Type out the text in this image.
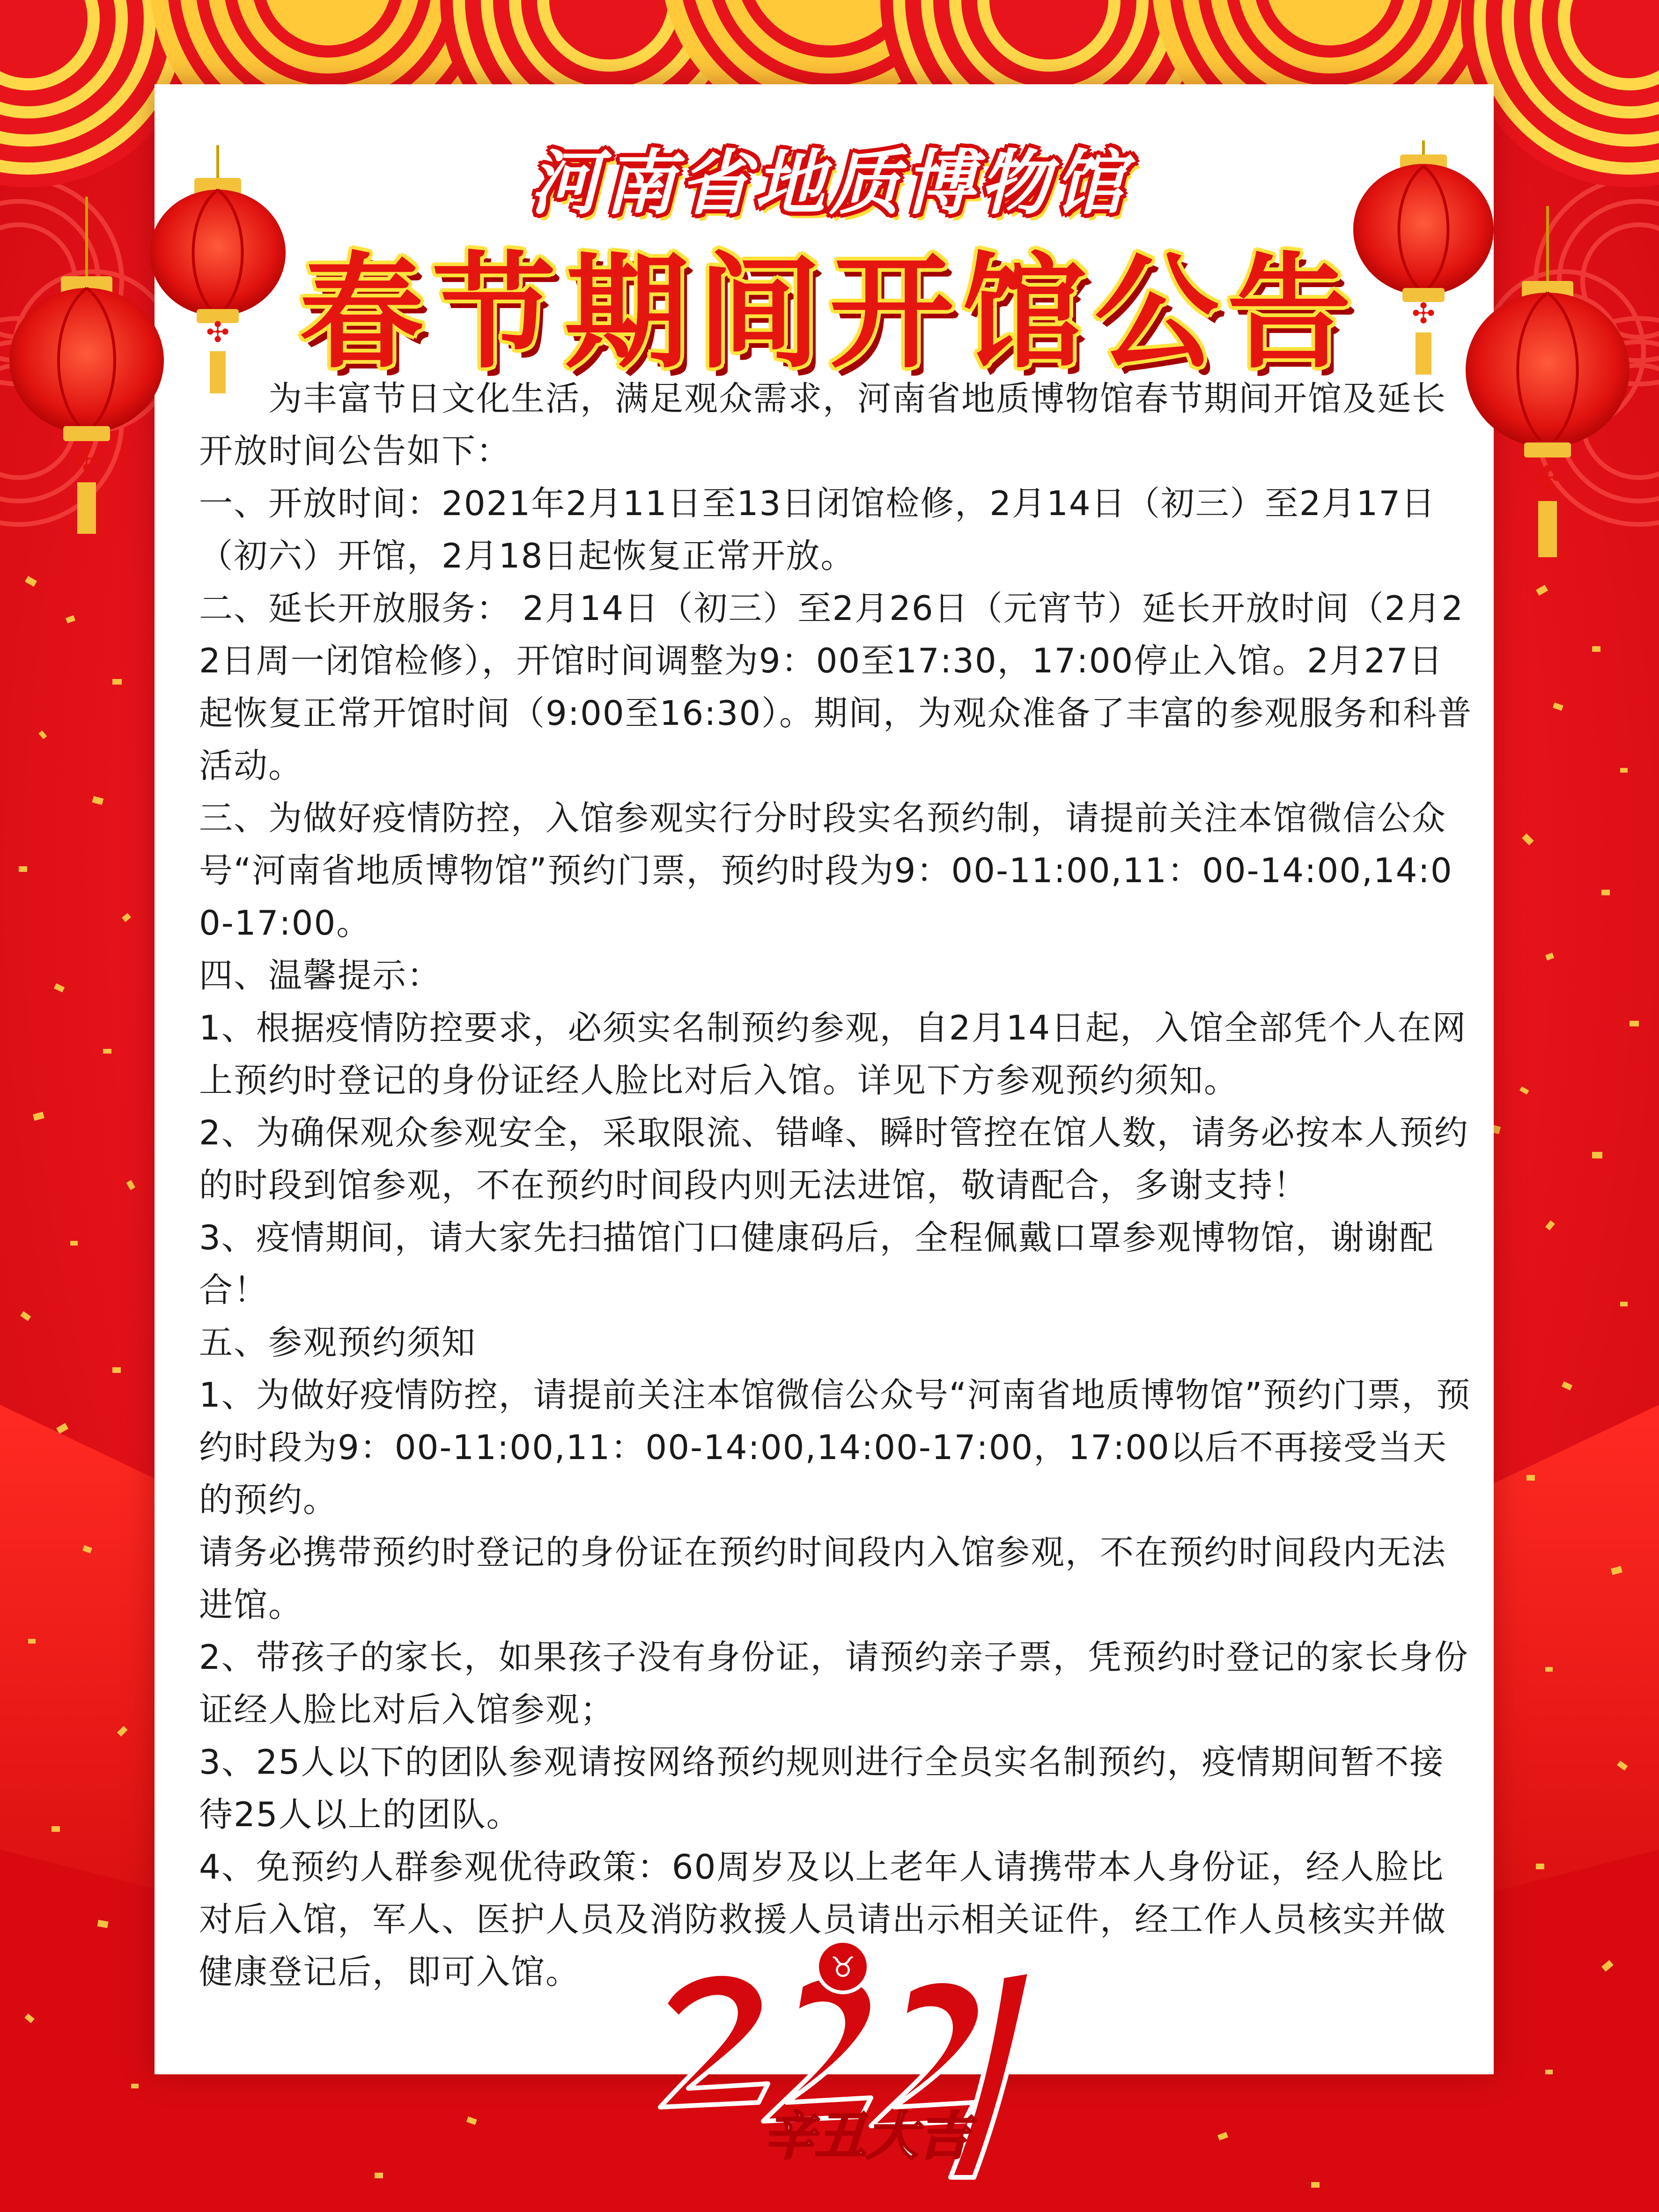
✣
✣
✣
✣
河南省地质博物馆
春节期间开馆公告

为丰富节日文化生活，满足观众需求，河南省地质博物馆春节期间开馆及延长开放时间公告如下：

一、开放时间：2021年2月11日至13日闭馆检修，2月14日（初三）至2月17日（初六）开馆，2月18日起恢复正常开放。

二、延长开放服务： 2月14日（初三）至2月26日（元宵节）延长开放时间（2月22日周一闭馆检修），开馆时间调整为9：00至17:30，17:00停止入馆。2月27日起恢复正常开馆时间（9:00至16:30）。期间，为观众准备了丰富的参观服务和科普活动。

三、为做好疫情防控，入馆参观实行分时段实名预约制，请提前关注本馆微信公众号“河南省地质博物馆”预约门票，预约时段为9：00-11:00,11：00-14:00,14:00-17:00。

四、温馨提示：

1、根据疫情防控要求，必须实名制预约参观，自2月14日起，入馆全部凭个人在网上预约时登记的身份证经人脸比对后入馆。详见下方参观预约须知。

2、为确保观众参观安全，采取限流、错峰、瞬时管控在馆人数，请务必按本人预约的时段到馆参观，不在预约时间段内则无法进馆，敬请配合，多谢支持！

3、疫情期间，请大家先扫描馆门口健康码后，全程佩戴口罩参观博物馆，谢谢配合！

五、参观预约须知

1、为做好疫情防控，请提前关注本馆微信公众号“河南省地质博物馆”预约门票，预约时段为9：00-11:00,11：00-14:00,14:00-17:00，17:00以后不再接受当天的预约。

请务必携带预约时登记的身份证在预约时间段内入馆参观，不在预约时间段内无法进馆。

2、带孩子的家长，如果孩子没有身份证，请预约亲子票，凭预约时登记的家长身份证经人脸比对后入馆参观；

3、25人以下的团队参观请按网络预约规则进行全员实名制预约，疫情期间暂不接待25人以上的团队。

4、免预约人群参观优待政策：60周岁及以上老年人请携带本人身份证，经人脸比对后入馆，军人、医护人员及消防救援人员请出示相关证件，经工作人员核实并做健康登记后，即可入馆。	♉
辛丑大吉
